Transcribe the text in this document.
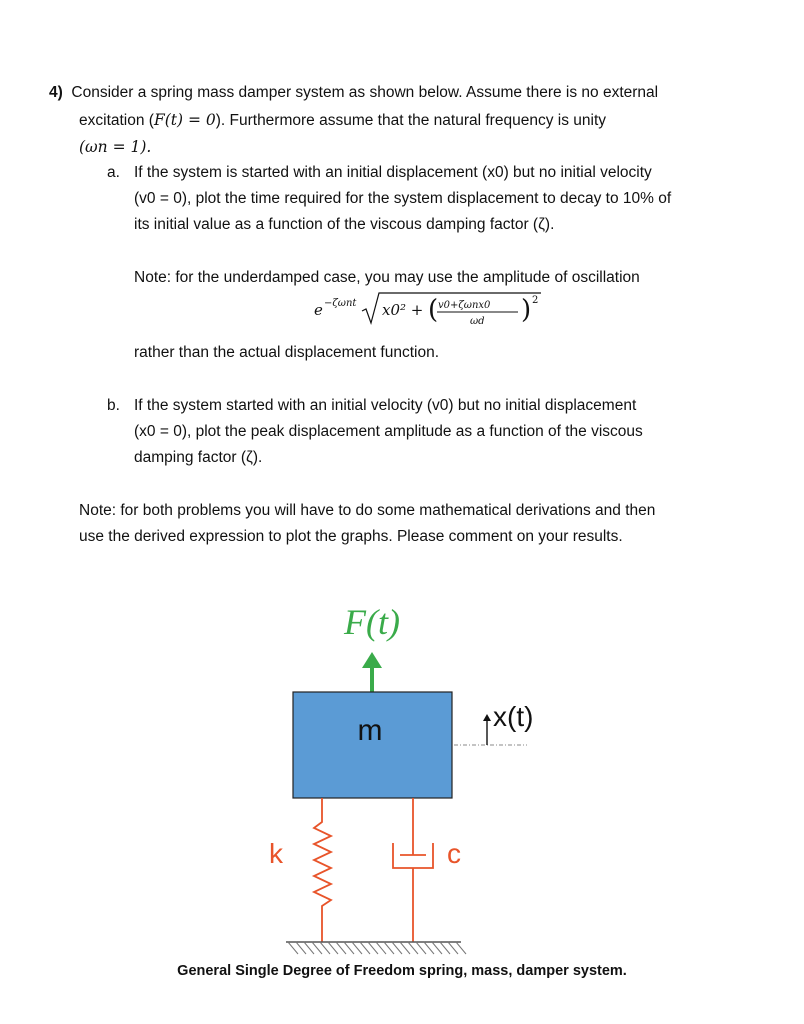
4) Consider a spring mass damper system as shown below. Assume there is no external
excitation (F(t) = 0). Furthermore assume that the natural frequency is unity
(ωn = 1).
a. If the system is started with an initial displacement (x0) but no initial velocity
(v0 = 0), plot the time required for the system displacement to decay to 10% of
its initial value as a function of the viscous damping factor (ζ).
Note: for the underdamped case, you may use the amplitude of oscillation
e −ζωnt x0² + (	)
v0+ζωnx0
ωd
2
rather than the actual displacement function.
b. If the system started with an initial velocity (v0) but no initial displacement
(x0 = 0), plot the peak displacement amplitude as a function of the viscous
damping factor (ζ).
Note: for both problems you will have to do some mathematical derivations and then
use the derived expression to plot the graphs. Please comment on your results.
F(t)
m	x(t)
k	c
General Single Degree of Freedom spring, mass, damper system.
